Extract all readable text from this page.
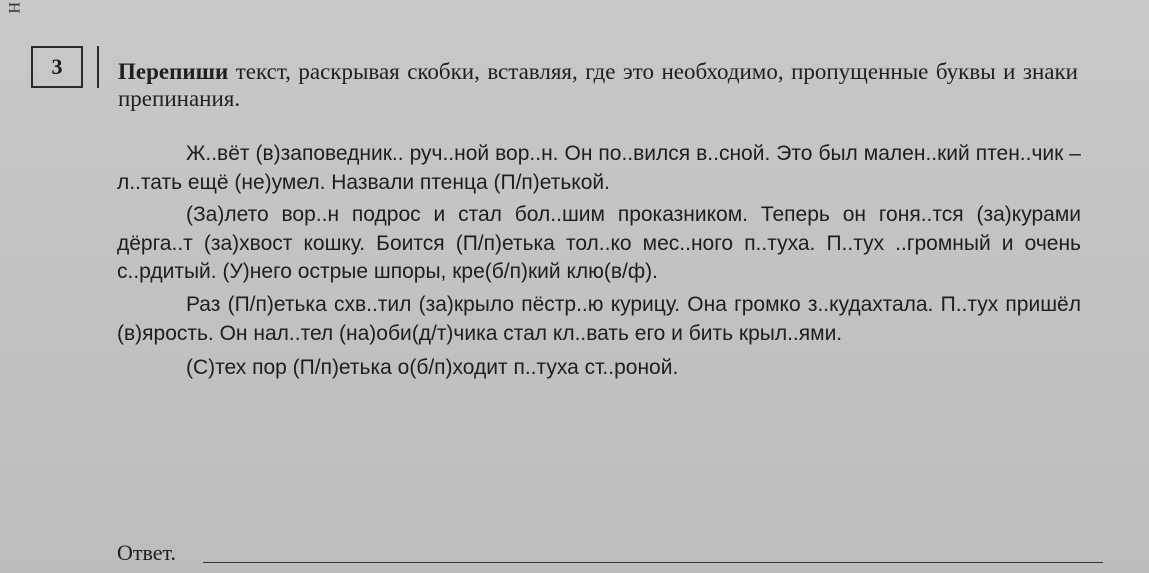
H
3 Перепиши текст, раскрывая скобки, вставляя, где это необходимо, пропущенные буквы и знаки препинания.

Ж..вёт (в)заповедник.. руч..ной вор..н. Он по..вился в..сной. Это был мален..кий птен..чик – л..тать ещё (не)умел. Назвали птенца (П/п)етькой.

(За)лето вор..н подрос и стал бол..шим проказником. Теперь он гоня..тся (за)курами дёрга..т (за)хвост кошку. Боится (П/п)етька тол..ко мес..ного п..туха. П..тух ..громный и очень с..рдитый. (У)него острые шпоры, кре(б/п)кий клю(в/ф).

Раз (П/п)етька схв..тил (за)крыло пёстр..ю курицу. Она громко з..кудахтала. П..тух пришёл (в)ярость. Он нал..тел (на)оби(д/т)чика стал кл..вать его и бить крыл..ями.

(С)тех пор (П/п)етька о(б/п)ходит п..туха ст..роной.

Ответ.
